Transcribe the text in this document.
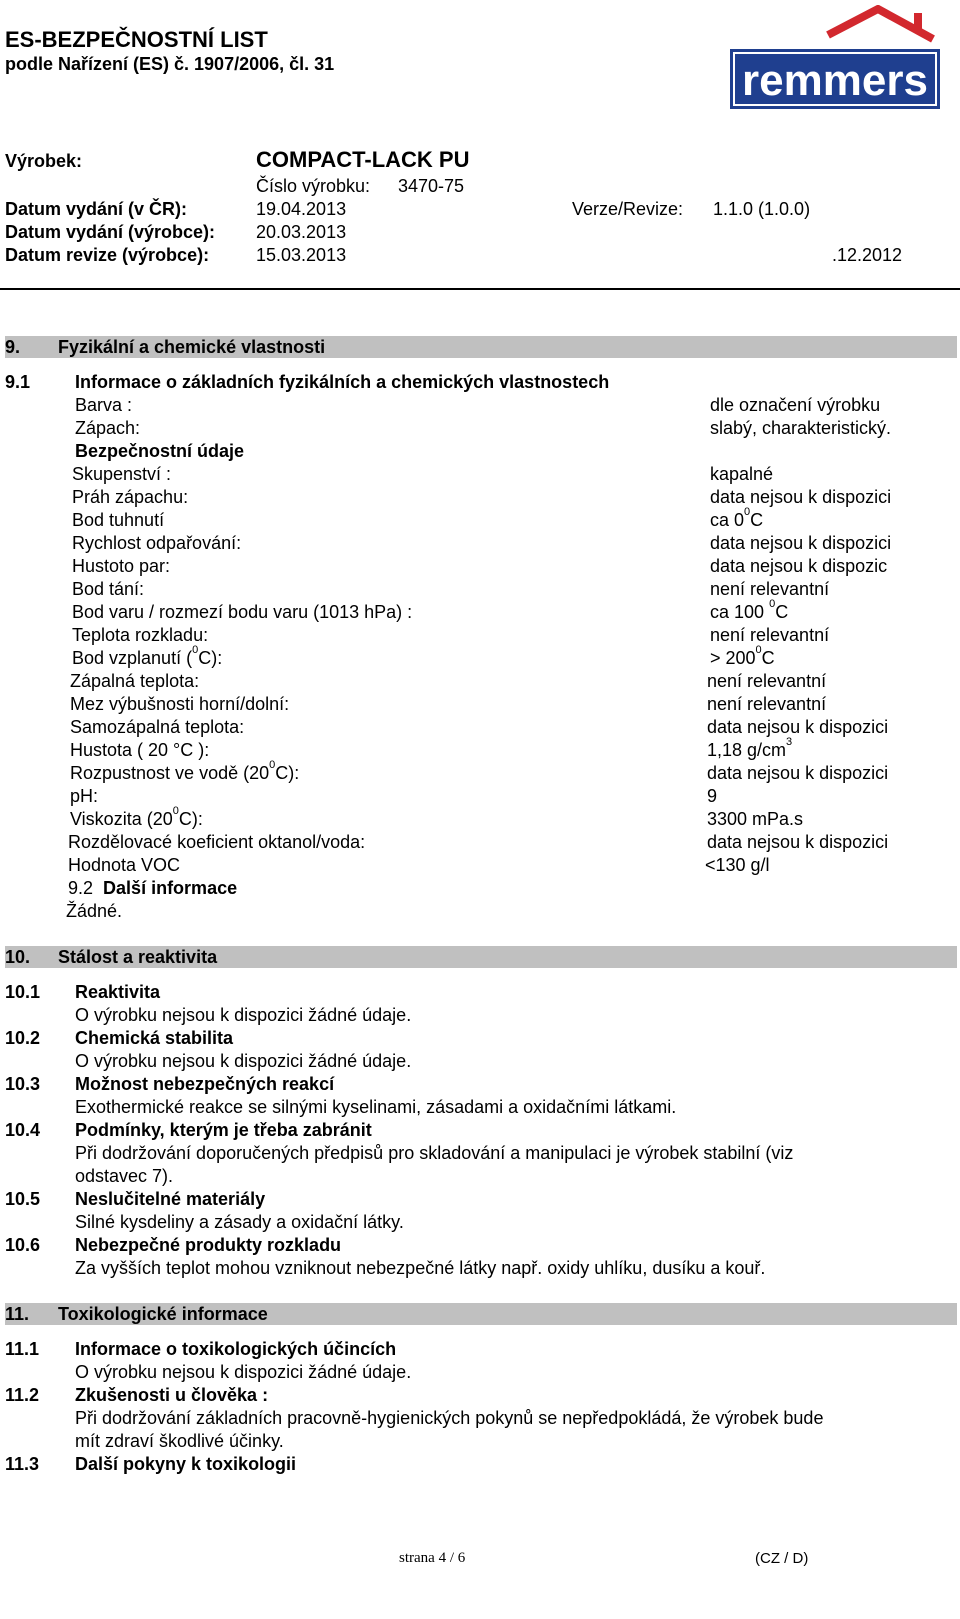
ES-BEZPEČNOSTNÍ LIST
podle Nařízení (ES) č. 1907/2006, čl. 31	remmers
Výrobek:	COMPACT-LACK PU
Číslo výrobku: 3470-75
Datum vydání (v ČR):	19.04.2013	Verze/Revize: 1.1.0 (1.0.0)
Datum vydání (výrobce): 20.03.2013
Datum revize (výrobce):	15.03.2013	.12.2012
9. Fyzikální a chemické vlastnosti
9.1 Informace o základních fyzikálních a chemických vlastnostech
Barva :	dle označení výrobku
Zápach:	slabý, charakteristický.
Bezpečnostní údaje
Skupenství :	kapalné
Práh zápachu:	data nejsou k dispozici
Bod tuhnutí	ca $0^0C$
Rychlost odpařování:	data nejsou k dispozici
Hustoto par:	data nejsou k dispozic
Bod tání:	není relevantní
Bod varu / rozmezí bodu varu (1013 hPa) :	ca 100 $^0$C
Teplota rozkladu:	není relevantní
Bod vzplanutí ($^0$C):	> $200^0C$
Zápalná teplota:	není relevantní
Mez výbušnosti horní/dolní:	není relevantní
Samozápalná teplota:	data nejsou k dispozici
Hustota ( 20 °C ):	1,18 $g/cm^3$
Rozpustnost ve vodě $(20^0C)$:	data nejsou k dispozici
pH:	9
Viskozita $(20^0C)$:	3300 mPa.s
Rozdělovacé koeficient oktanol/voda:	data nejsou k dispozici
Hodnota VOC	<130 g/l
9.2 Další informace
Žádné.
10. Stálost a reaktivita
10.1 Reaktivita
O výrobku nejsou k dispozici žádné údaje.
10.2 Chemická stabilita
O výrobku nejsou k dispozici žádné údaje.
10.3 Možnost nebezpečných reakcí
Exothermické reakce se silnými kyselinami, zásadami a oxidačními látkami.
10.4 Podmínky, kterým je třeba zabránit
Při dodržování doporučených předpisů pro skladování a manipulaci je výrobek stabilní (viz
odstavec 7).
10.5 Neslučitelné materiály
Silné kysdeliny a zásady a oxidační látky.
10.6 Nebezpečné produkty rozkladu
Za vyšších teplot mohou vzniknout nebezpečné látky např. oxidy uhlíku, dusíku a kouř.
11. Toxikologické informace
11.1 Informace o toxikologických účincích
O výrobku nejsou k dispozici žádné údaje.
11.2 Zkušenosti u člověka :
Při dodržování základních pracovně-hygienických pokynů se nepředpokládá, že výrobek bude
mít zdraví škodlivé účinky.
11.3 Další pokyny k toxikologii
strana 4 / 6	(CZ / D)
